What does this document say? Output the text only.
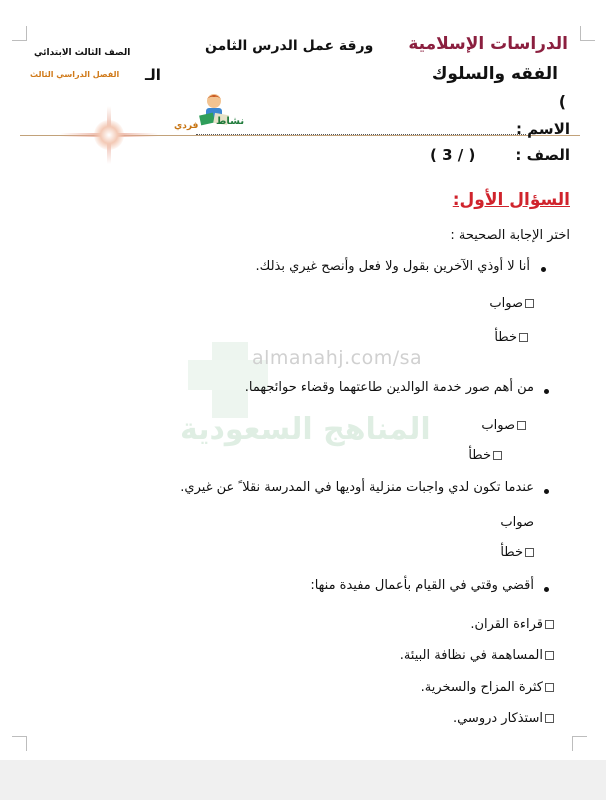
almanahj.com/sa
المناهج السعودية
الدراسات الإسلامية
ورقة عمل الدرس الثامن
الصف الثالث الابتدائي
الفصل الدراسي الثالث الـ	الفقه والسلوك
)
نشاط
فردي	الاسم :
الصف :
( 3 / )
السؤال الأول:
اختر الإجابة الصحيحة :
أنا لا أوذي الآخرين بقول ولا فعل وأنصح غيري بذلك.
صواب
خطأ
من أهم صور خدمة الوالدين طاعتهما وقضاء حوائجهما.
صواب
خطأ
عندما تكون لدي واجبات منزلية أوديها في المدرسة نقلا ً عن غيري.
صواب
خطأ
أقضي وقتي في القيام بأعمال مفيدة منها:
قراءة القران.
المساهمة في نظافة البيئة.
كثرة المزاح والسخرية.
استذكار دروسي.
